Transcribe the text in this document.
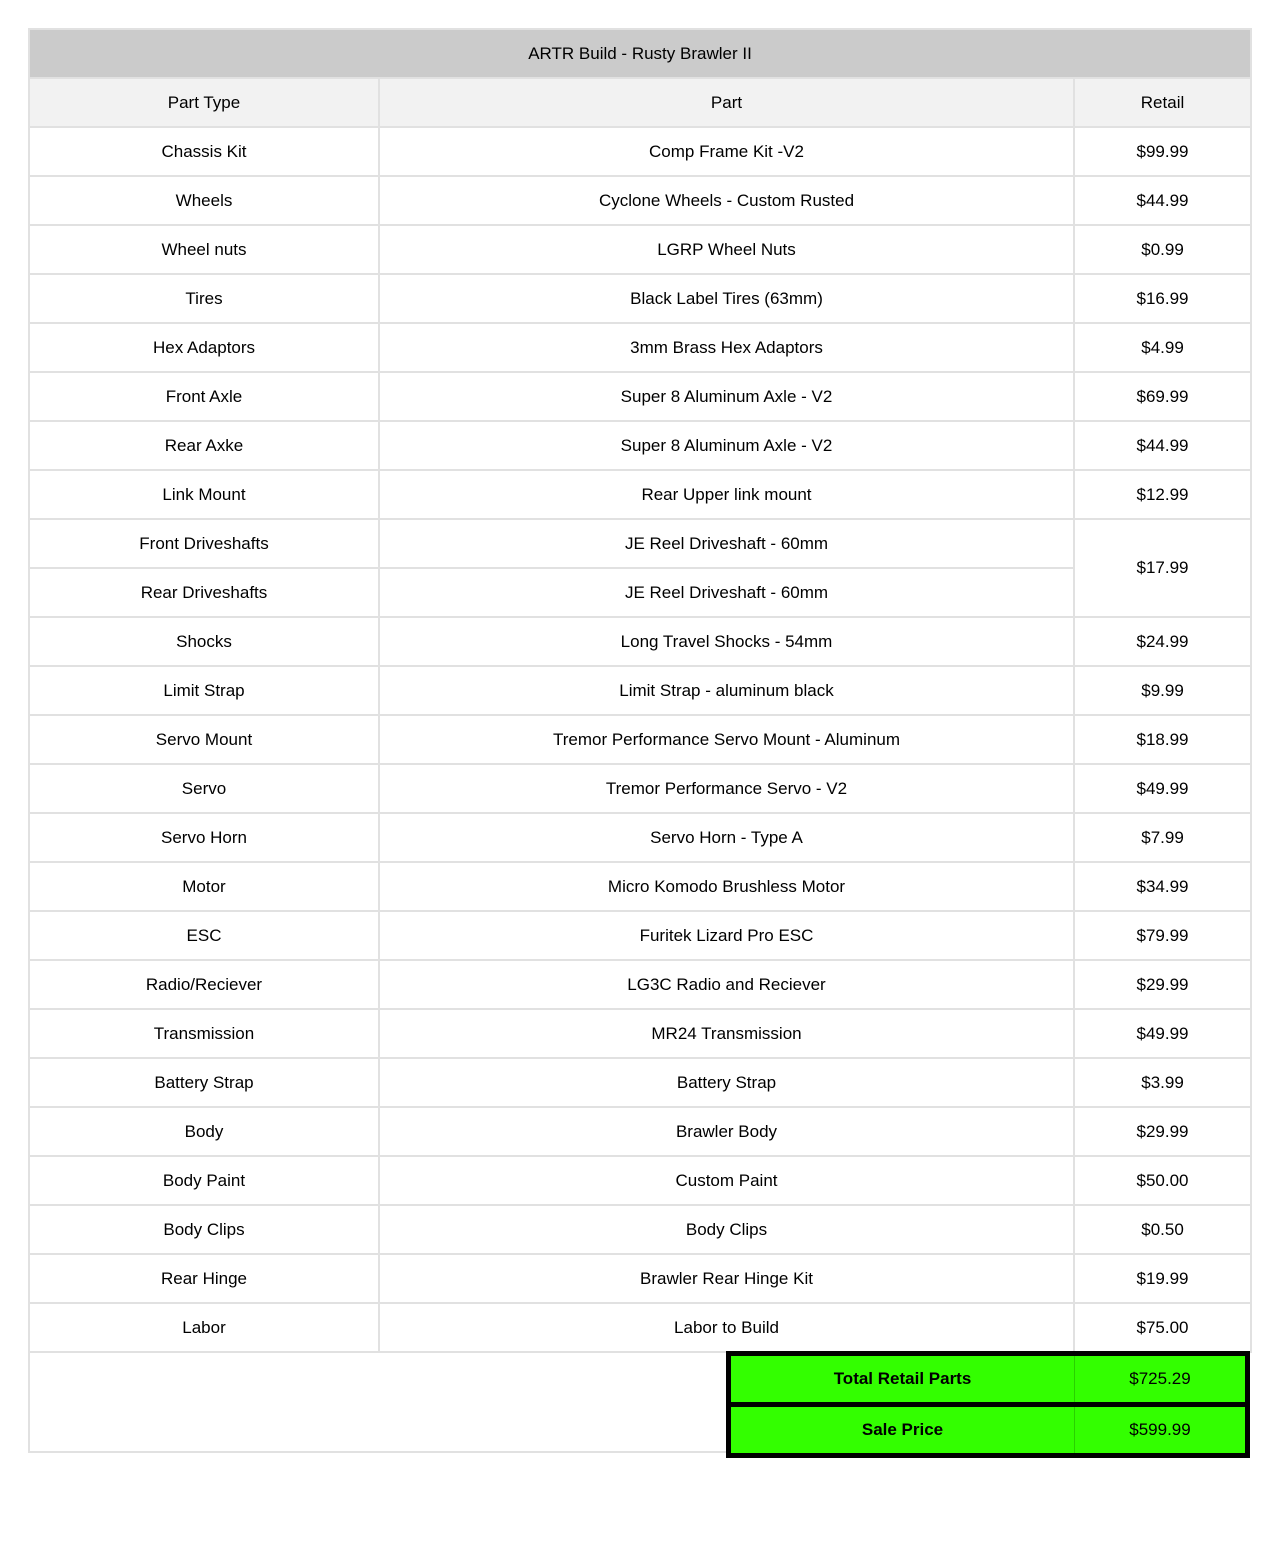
ARTR Build - Rusty Brawler II		
Part Type	Part	Retail
Chassis Kit	Comp Frame Kit -V2	$99.99
Wheels	Cyclone Wheels - Custom Rusted	$44.99
Wheel nuts	LGRP Wheel Nuts	$0.99
Tires	Black Label Tires (63mm)	$16.99
Hex Adaptors	3mm Brass Hex Adaptors	$4.99
Front Axle	Super 8 Aluminum Axle - V2	$69.99
Rear Axke	Super 8 Aluminum Axle - V2	$44.99
Link Mount	Rear Upper link mount	$12.99
Front Driveshafts	JE Reel Driveshaft - 60mm	$17.99
Rear Driveshafts	JE Reel Driveshaft - 60mm	
Shocks	Long Travel Shocks - 54mm	$24.99
Limit Strap	Limit Strap - aluminum black	$9.99
Servo Mount	Tremor Performance Servo Mount - Aluminum	$18.99
Servo	Tremor Performance Servo - V2	$49.99
Servo Horn	Servo Horn - Type A	$7.99
Motor	Micro Komodo Brushless Motor	$34.99
ESC	Furitek Lizard Pro ESC	$79.99
Radio/Reciever	LG3C Radio and Reciever	$29.99
Transmission	MR24 Transmission	$49.99
Battery Strap	Battery Strap	$3.99
Body	Brawler Body	$29.99
Body Paint	Custom Paint	$50.00
Body Clips	Body Clips	$0.50
Rear Hinge	Brawler Rear Hinge Kit	$19.99
Labor	Labor to Build	$75.00
Total Retail Parts	$725.29
Sale Price	$599.99
